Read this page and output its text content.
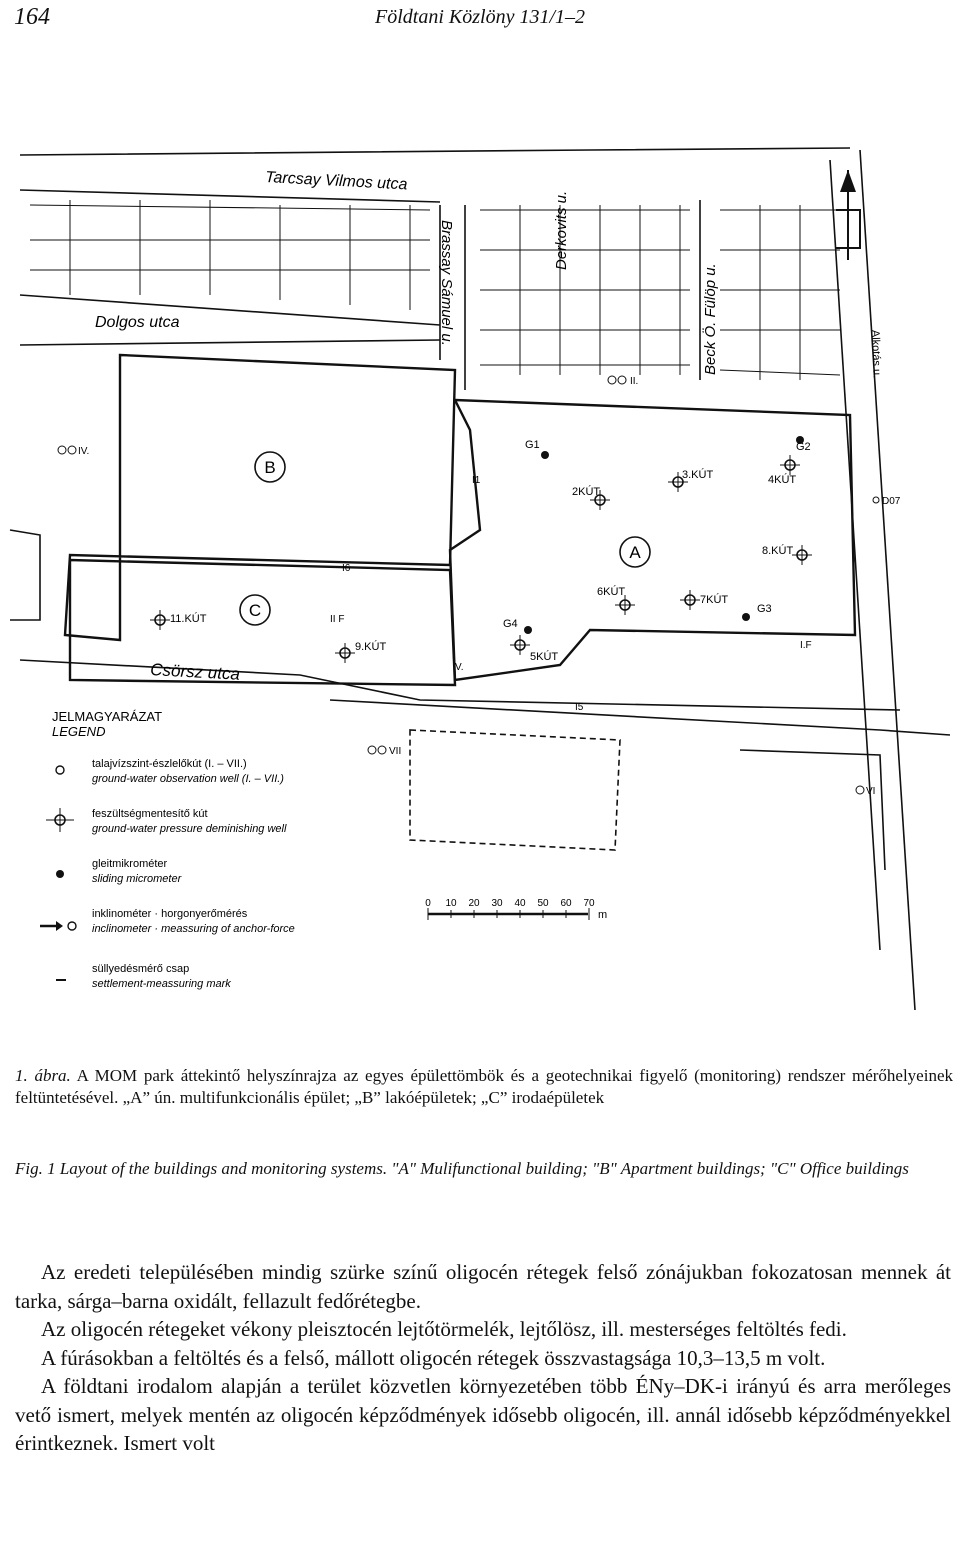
164	Földtani Közlöny 131/1–2
Tarcsay Vilmos utca
Dolgos utca
Csörsz utca
Brassay Sámuel u.	Derkovits u.
Beck Ö. Fülöp u.	Alkotás u.
B
C
A
11.KÚT
9.KÚT
2KÚT
3.KÚT	4KÚT
8.KÚT
6KÚT
7KÚT
5KÚT
G1	G2
G3
G4
I1
I6
I5
IV.
II.
V.
VI
VII
II F
I.F
D07
JELMAGYARÁZAT
LEGEND
talajvízszint-észlelőkút (I. – VII.)
ground-water observation well (I. – VII.)
feszültségmentesítő kút
ground-water pressure deminishing well
gleitmikrométer
sliding micrometer
inklinométer · horgonyerőmérés
inclinometer · meassuring of anchor-force
süllyedésmérő csap
settlement-meassuring mark
0 10 20 30 40 50 60 70
m
1. ábra. A MOM park áttekintő helyszínrajza az egyes épülettömbök és a geotechnikai figyelő (monitoring) rendszer mérőhelyeinek feltüntetésével. „A” ún. multifunkcionális épület; „B” lakóépületek; „C” irodaépületek
Fig. 1 Layout of the buildings and monitoring systems. "A" Mulifunctional building; "B" Apartment buildings; "C" Office buildings

Az eredeti településében mindig szürke színű oligocén rétegek felső zónájukban fokozatosan mennek át tarka, sárga–barna oxidált, fellazult fedőrétegbe.

Az oligocén rétegeket vékony pleisztocén lejtőtörmelék, lejtőlösz, ill. mesterséges feltöltés fedi.

A fúrásokban a feltöltés és a felső, mállott oligocén rétegek összvastagsága 10,3–13,5 m volt.

A földtani irodalom alapján a terület közvetlen környezetében több ÉNy–DK-i irányú és arra merőleges vető ismert, melyek mentén az oligocén képződmények idősebb oligocén, ill. annál idősebb képződményekkel érintkeznek. Ismert volt
